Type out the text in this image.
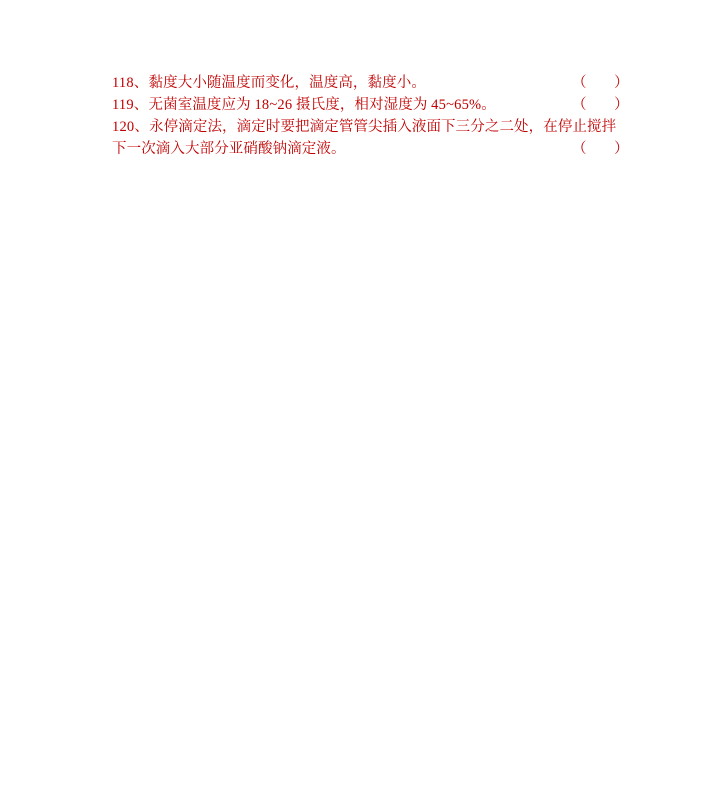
118、黏度大小随温度而变化，温度高，黏度小。	（ ）
119、无菌室温度应为 18~26 摄氏度，相对湿度为 45~65%。	（ ）
120、永停滴定法，滴定时要把滴定管管尖插入液面下三分之二处，在停止搅拌
下一次滴入大部分亚硝酸钠滴定液。	（ ）
